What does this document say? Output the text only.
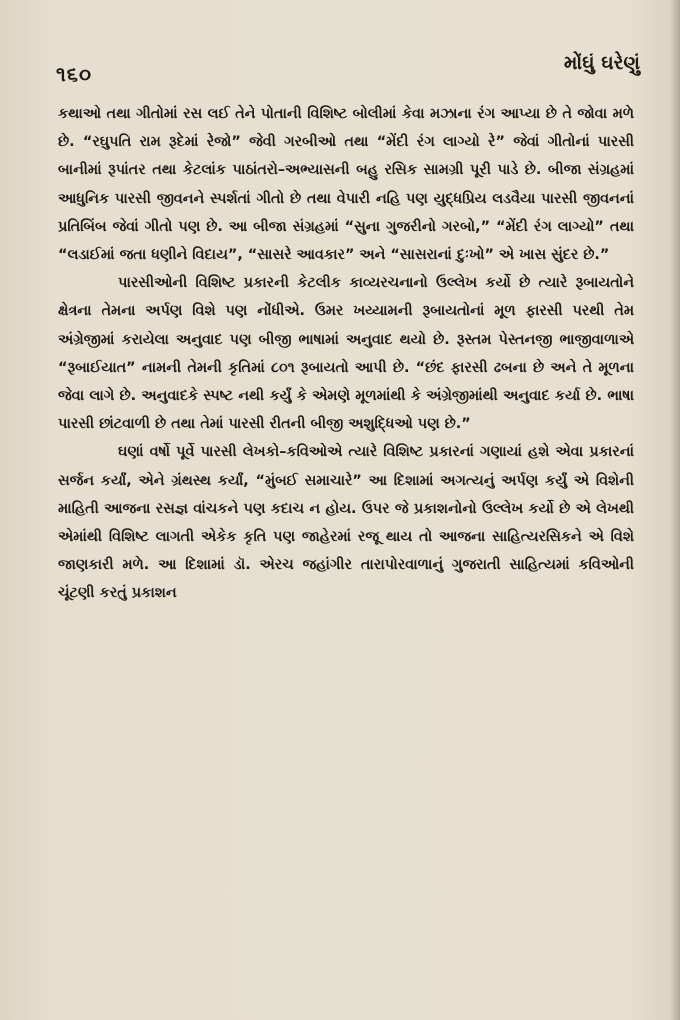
૧૬૦	મોંઘું ઘરેણું

કથાઓ તથા ગીતોમાં રસ લઈ તેને પોતાની વિશિષ્ટ બોલીમાં કેવા મઝાના રંગ આપ્યા છે તે જોવા મળે છે. “રઘુપતિ રામ રૂદેમાં રેજો” જેવી ગરબીઓ તથા “મેંદી રંગ લાગ્યો રે” જેવાં ગીતોનાં પારસી બાનીમાં રૂપાંતર તથા કેટલાંક પાઠાંતરો–અભ્યાસની બહુ રસિક સામગ્રી પૂરી પાડે છે. બીજા સંગ્રહમાં આધુનિક પારસી જીવનને સ્પર્શતાં ગીતો છે તથા વેપારી નહિ પણ યુદ્ધપ્રિય લડવૈયા પારસી જીવનનાં પ્રતિબિંબ જેવાં ગીતો પણ છે. આ બીજા સંગ્રહમાં “સુના ગુજરીનો ગરબો,” “મેંદી રંગ લાગ્યો” તથા “લડાઈમાં જતા ધણીને વિદાય”, “સાસરે આવકાર” અને “સાસરાનાં દુઃખો” એ ખાસ સુંદર છે.”

પારસીઓની વિશિષ્ટ પ્રકારની કેટલીક કાવ્યરચનાનો ઉલ્લેખ કર્યો છે ત્યારે રૂબાયતોને ક્ષેત્રના તેમના અર્પણ વિશે પણ નોંધીએ. ઉમર ખય્યામની રૂબાયતોનાં મૂળ ફારસી પરથી તેમ અંગ્રેજીમાં કરાયેલા અનુવાદ પણ બીજી ભાષામાં અનુવાદ થયો છે. રૂસ્તમ પેસ્તનજી ભાજીવાળાએ “રૂબાઈયાત” નામની તેમની કૃતિમાં ૮૦૧ રૂબાયતો આપી છે. “છંદ ફારસી ઢબના છે અને તે મૂળના જેવા લાગે છે. અનુવાદકે સ્પષ્ટ નથી કર્યું કે એમણે મૂળમાંથી કે અંગ્રેજીમાંથી અનુવાદ કર્યા છે. ભાષા પારસી છાંટવાળી છે તથા તેમાં પારસી રીતની બીજી અશુદ્ધિઓ પણ છે.”

ઘણાં વર્ષો પૂર્વે પારસી લેખકો–કવિઓએ ત્યારે વિશિષ્ટ પ્રકારનાં ગણાયાં હશે એવા પ્રકારનાં સર્જન કર્યાં, એને ગ્રંથસ્થ કર્યાં, “મુંબઈ સમાચારે” આ દિશામાં અગત્યનું અર્પણ કર્યું એ વિશેની માહિતી આજના રસજ્ઞ વાંચકને પણ કદાચ ન હોય. ઉપર જે પ્રકાશનોનો ઉલ્લેખ કર્યો છે એ લેખથી એમાંથી વિશિષ્ટ લાગતી એકેક કૃતિ પણ જાહેરમાં રજૂ થાય તો આજના સાહિત્યરસિકને એ વિશે જાણકારી મળે. આ દિશામાં ડૉ. એરચ જહાંગીર તારાપોરવાળાનું ગુજરાતી સાહિત્યમાં કવિઓની ચૂંટણી કરતું પ્રકાશન
